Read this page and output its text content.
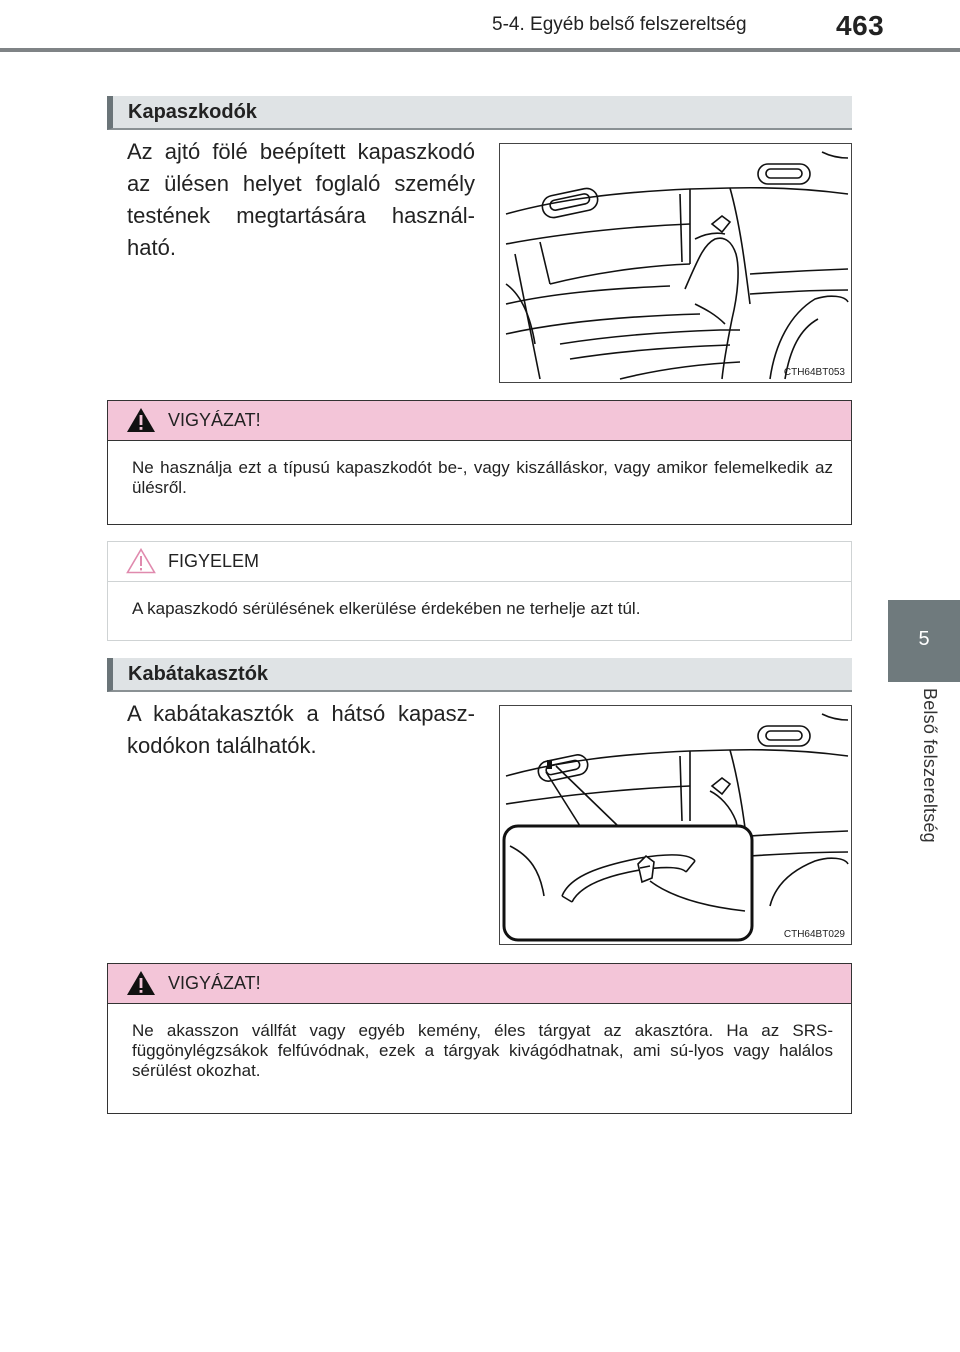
5-4. Egyéb belső felszereltség	463
5
Belső felszereltség
Kapaszkodók
Az ajtó fölé beépített kapaszkodó az ülésen helyet foglaló személy testének megtartására használ-ható.
CTH64BT053
VIGYÁZAT!
Ne használja ezt a típusú kapaszkodót be-, vagy kiszálláskor, vagy amikor felemelkedik az ülésről.
FIGYELEM
A kapaszkodó sérülésének elkerülése érdekében ne terhelje azt túl.
Kabátakasztók
A kabátakasztók a hátsó kapasz-kodókon találhatók.
CTH64BT029
VIGYÁZAT!
Ne akasszon vállfát vagy egyéb kemény, éles tárgyat az akasztóra. Ha az SRS-függönylégzsákok felfúvódnak, ezek a tárgyak kivágódhatnak, ami sú-lyos vagy halálos sérülést okozhat.
